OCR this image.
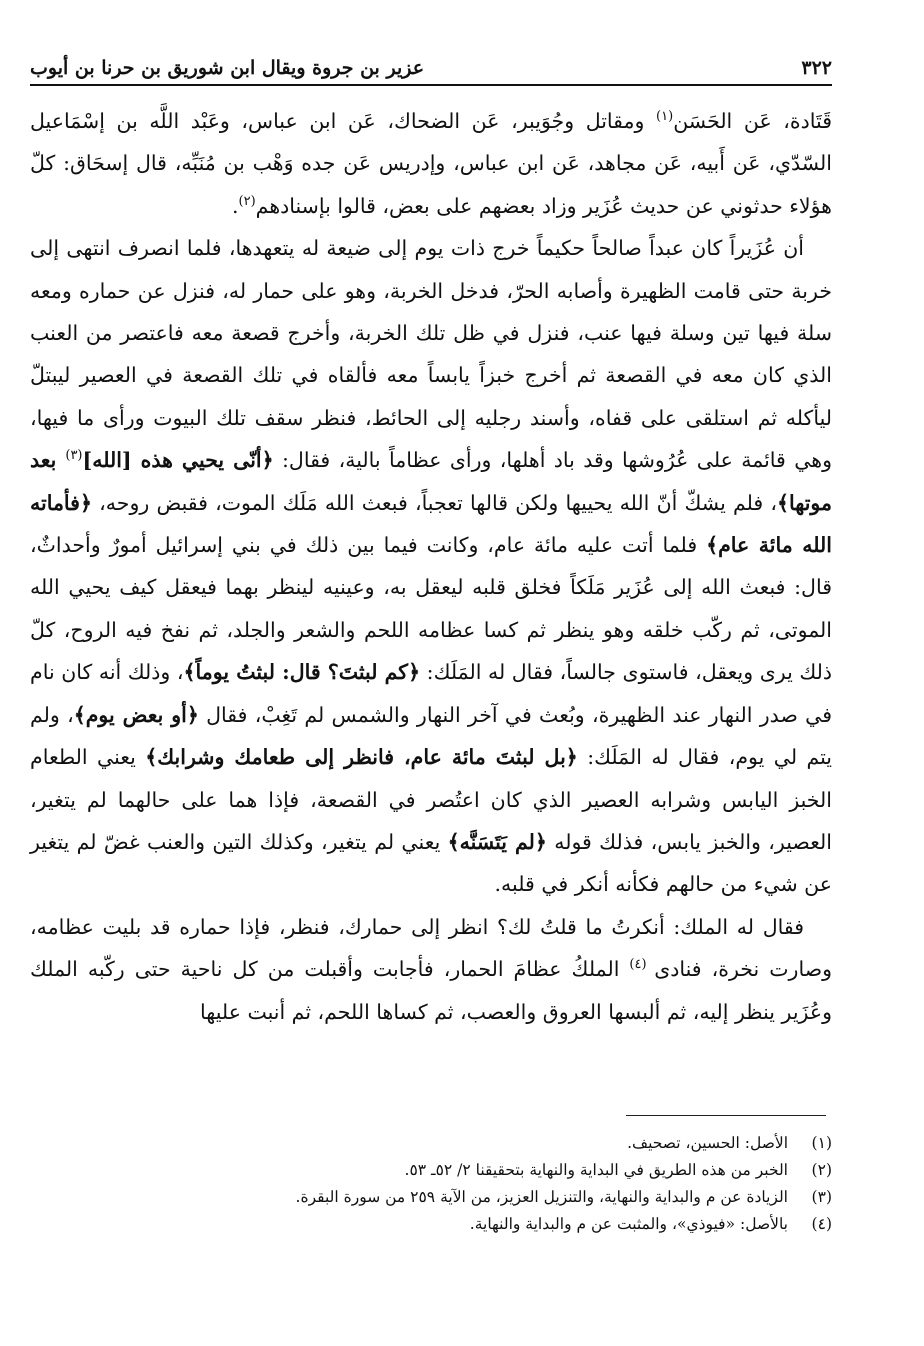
٣٢٢
عزير بن جروة ويقال ابن شوريق بن حرنا بن أيوب

قَتَادة، عَن الحَسَن$^{(١)}$ ومقاتل وجُوَيبر، عَن الضحاك، عَن ابن عباس، وعَبْد اللَّه بن إسْمَاعيل السّدّي، عَن أَبيه، عَن مجاهد، عَن ابن عباس، وإدريس عَن جده وَهْب بن مُنَبِّه، قال إسحَاق: كلّ هؤلاء حدثوني عن حديث عُزَير وزاد بعضهم على بعض، قالوا بإسنادهم$^{(٢)}$.

أن عُزَيراً كان عبداً صالحاً حكيماً خرج ذات يوم إلى ضيعة له يتعهدها، فلما انصرف انتهى إلى خربة حتى قامت الظهيرة وأصابه الحرّ، فدخل الخربة، وهو على حمار له، فنزل عن حماره ومعه سلة فيها تين وسلة فيها عنب، فنزل في ظل تلك الخربة، وأخرج قصعة معه فاعتصر من العنب الذي كان معه في القصعة ثم أخرج خبزاً يابساً معه فألقاه في تلك القصعة في العصير ليبتلّ ليأكله ثم استلقى على قفاه، وأسند رجليه إلى الحائط، فنظر سقف تلك البيوت ورأى ما فيها، وهي قائمة على عُرُوشها وقد باد أهلها، ورأى عظاماً بالية، فقال: ﴿أنّى يحيي هذه [الله]$^{(٣)}$ بعد موتها﴾، فلم يشكّ أنّ الله يحييها ولكن قالها تعجباً، فبعث الله مَلَك الموت، فقبض روحه، ﴿فأماته الله مائة عام﴾ فلما أتت عليه مائة عام، وكانت فيما بين ذلك في بني إسرائيل أمورٌ وأحداثٌ، قال: فبعث الله إلى عُزَير مَلَكاً فخلق قلبه ليعقل به، وعينيه لينظر بهما فيعقل كيف يحيي الله الموتى، ثم ركّب خلقه وهو ينظر ثم كسا عظامه اللحم والشعر والجلد، ثم نفخ فيه الروح، كلّ ذلك يرى ويعقل، فاستوى جالساً، فقال له المَلَك: ﴿كم لبثتَ؟ قال: لبثتُ يوماً﴾، وذلك أنه كان نام في صدر النهار عند الظهيرة، وبُعث في آخر النهار والشمس لم تَغِبْ، فقال ﴿أو بعض يوم﴾، ولم يتم لي يوم، فقال له المَلَك: ﴿بل لبثتَ مائة عام، فانظر إلى طعامك وشرابك﴾ يعني الطعام الخبز اليابس وشرابه العصير الذي كان اعتُصر في القصعة، فإذا هما على حالهما لم يتغير، العصير، والخبز يابس، فذلك قوله ﴿لم يَتَسَنَّه﴾ يعني لم يتغير، وكذلك التين والعنب غضّ لم يتغير عن شيء من حالهم فكأنه أنكر في قلبه.

فقال له الملك: أنكرتُ ما قلتُ لك؟ انظر إلى حمارك، فنظر، فإذا حماره قد بليت عظامه، وصارت نخرة، فنادى $^{(٤)}$ الملكُ عظامَ الحمار، فأجابت وأقبلت من كل ناحية حتى ركّبه الملك وعُزَير ينظر إليه، ثم ألبسها العروق والعصب، ثم كساها اللحم، ثم أنبت عليها

(١)
الأصل: الحسين، تصحيف.
(٢)
الخبر من هذه الطريق في البداية والنهاية بتحقيقنا ٢/ ٥٢ـ ٥٣.
(٣)
الزيادة عن م والبداية والنهاية، والتنزيل العزيز، من الآية ٢٥٩ من سورة البقرة.
(٤)
بالأصل: «فيوذي»، والمثبت عن م والبداية والنهاية.
